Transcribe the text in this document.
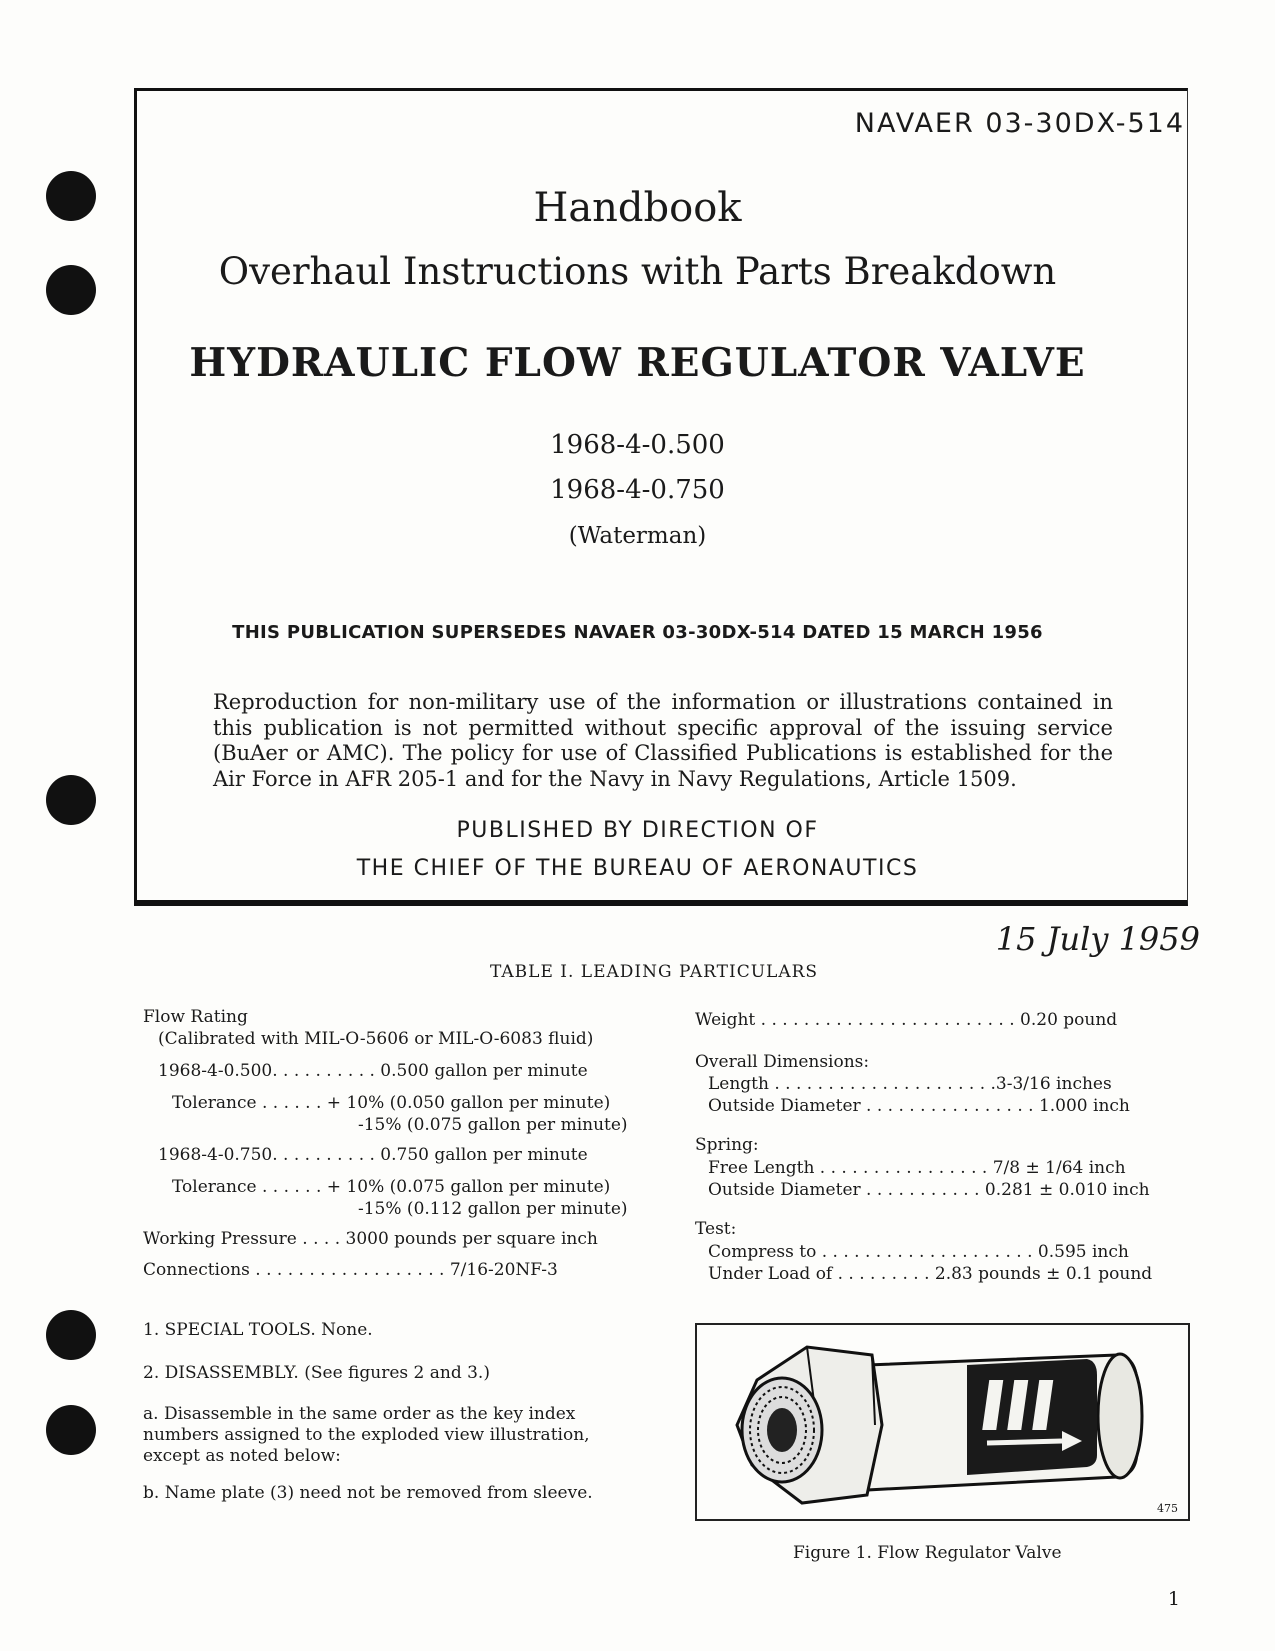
NAVAER 03-30DX-514
Handbook
Overhaul Instructions with Parts Breakdown
HYDRAULIC FLOW REGULATOR VALVE
1968-4-0.500
1968-4-0.750
(Waterman)
THIS PUBLICATION SUPERSEDES NAVAER 03-30DX-514 DATED 15 MARCH 1956
Reproduction for non-military use of the information or illustrations contained in this publication is not permitted without specific approval of the issuing service (BuAer or AMC). The policy for use of Classified Publications is established for the Air Force in AFR 205-1 and for the Navy in Navy Regulations, Article 1509.
PUBLISHED BY DIRECTION OF
THE CHIEF OF THE BUREAU OF AERONAUTICS
15 July 1959
TABLE I. LEADING PARTICULARS
Flow Rating
(Calibrated with MIL-O-5606 or MIL-O-6083 fluid)
1968-4-0.500. . . . . . . . . . 0.500 gallon per minute
Tolerance . . . . . . + 10% (0.050 gallon per minute)
-15% (0.075 gallon per minute)
1968-4-0.750. . . . . . . . . . 0.750 gallon per minute
Tolerance . . . . . . + 10% (0.075 gallon per minute)
-15% (0.112 gallon per minute)
Working Pressure . . . . 3000 pounds per square inch
Connections . . . . . . . . . . . . . . . . . . 7/16-20NF-3
Weight . . . . . . . . . . . . . . . . . . . . . . . . 0.20 pound
Overall Dimensions:
Length . . . . . . . . . . . . . . . . . . . . .3-3/16 inches
Outside Diameter . . . . . . . . . . . . . . . . 1.000 inch
Spring:
Free Length . . . . . . . . . . . . . . . . 7/8 ± 1/64 inch
Outside Diameter . . . . . . . . . . . 0.281 ± 0.010 inch
Test:
Compress to . . . . . . . . . . . . . . . . . . . . 0.595 inch
Under Load of . . . . . . . . . 2.83 pounds ± 0.1 pound
1. SPECIAL TOOLS. None.
2. DISASSEMBLY. (See figures 2 and 3.)
a. Disassemble in the same order as the key index
numbers assigned to the exploded view illustration,
except as noted below:
b. Name plate (3) need not be removed from sleeve.
475
Figure 1. Flow Regulator Valve
1
